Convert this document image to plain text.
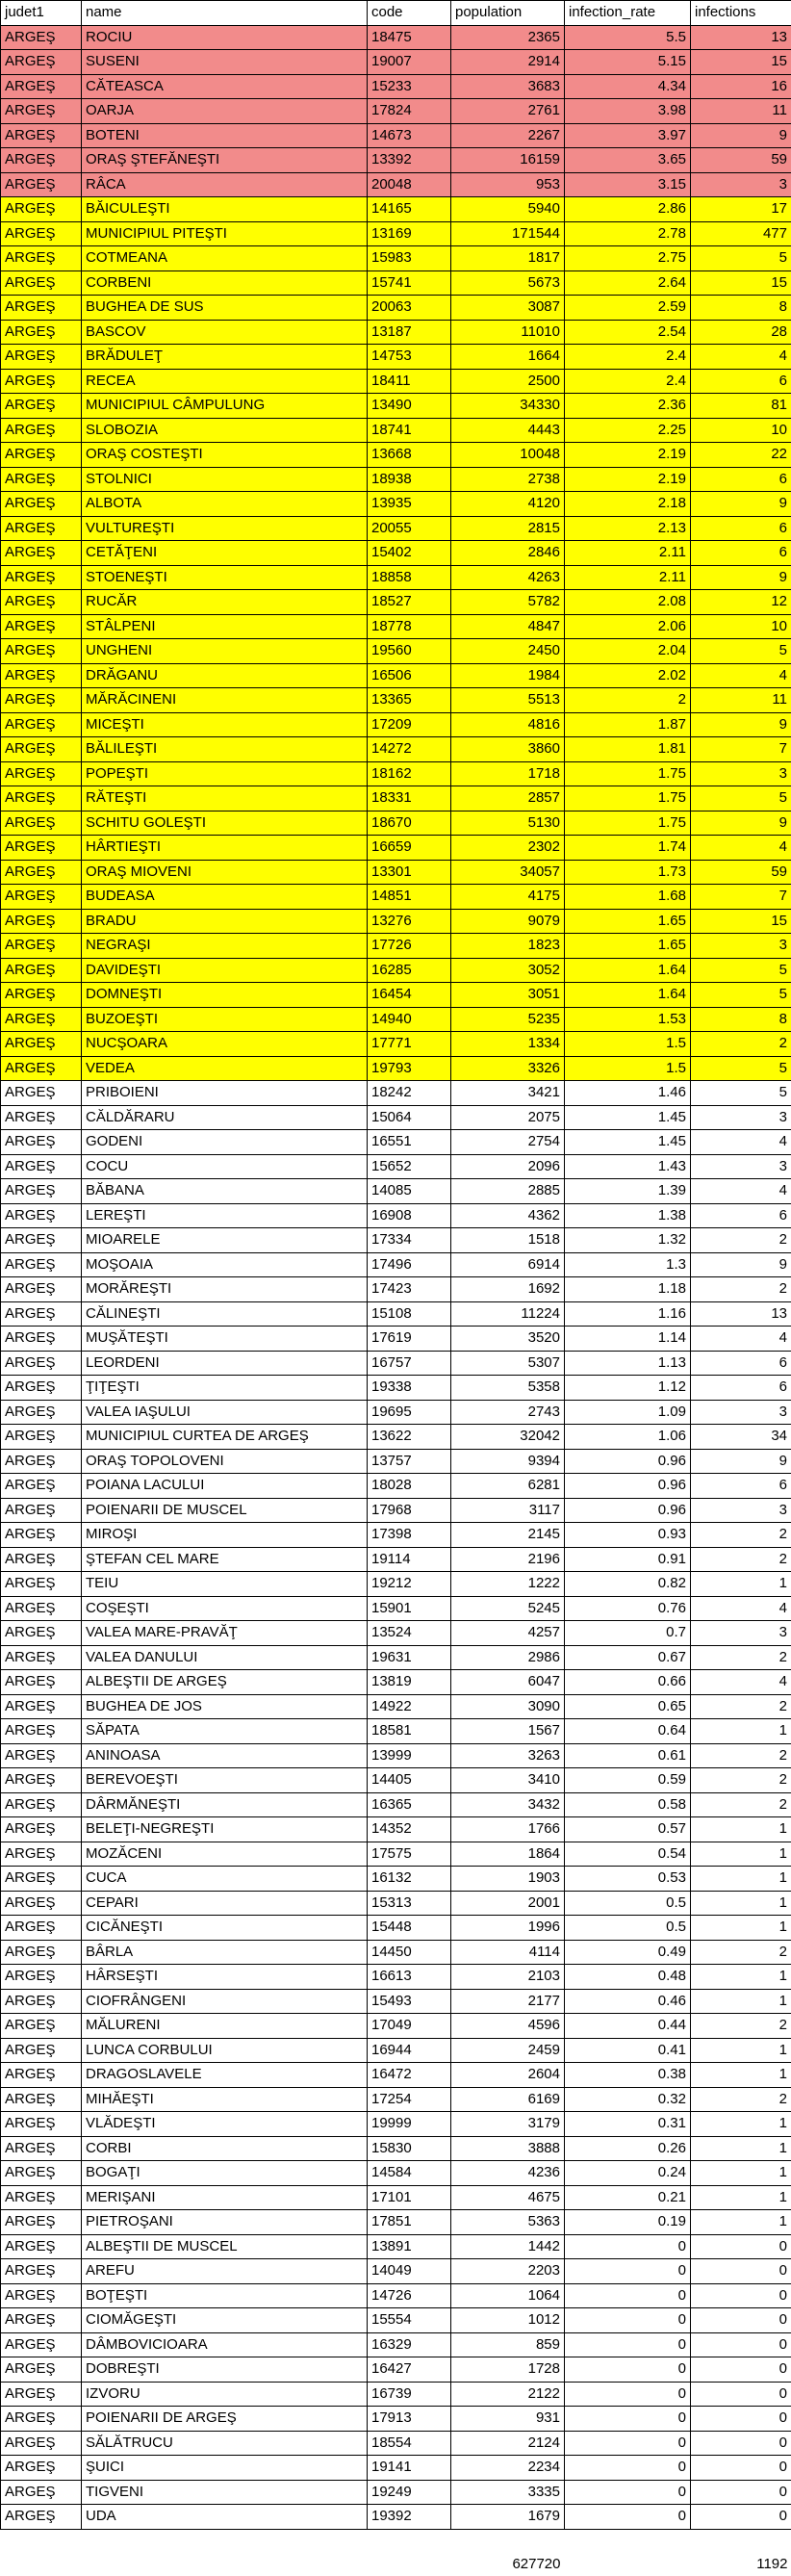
judet1	name	code	population	infection_rate	infections
ARGEŞ	ROCIU	18475	2365	5.5	13
ARGEŞ	SUSENI	19007	2914	5.15	15
ARGEŞ	CĂTEASCA	15233	3683	4.34	16
ARGEŞ	OARJA	17824	2761	3.98	11
ARGEŞ	BOTENI	14673	2267	3.97	9
ARGEŞ	ORAŞ ŞTEFĂNEŞTI	13392	16159	3.65	59
ARGEŞ	RÂCA	20048	953	3.15	3
ARGEŞ	BĂICULEŞTI	14165	5940	2.86	17
ARGEŞ	MUNICIPIUL PITEŞTI	13169	171544	2.78	477
ARGEŞ	COTMEANA	15983	1817	2.75	5
ARGEŞ	CORBENI	15741	5673	2.64	15
ARGEŞ	BUGHEA DE SUS	20063	3087	2.59	8
ARGEŞ	BASCOV	13187	11010	2.54	28
ARGEŞ	BRĂDULEŢ	14753	1664	2.4	4
ARGEŞ	RECEA	18411	2500	2.4	6
ARGEŞ	MUNICIPIUL CÂMPULUNG	13490	34330	2.36	81
ARGEŞ	SLOBOZIA	18741	4443	2.25	10
ARGEŞ	ORAŞ COSTEŞTI	13668	10048	2.19	22
ARGEŞ	STOLNICI	18938	2738	2.19	6
ARGEŞ	ALBOTA	13935	4120	2.18	9
ARGEŞ	VULTUREŞTI	20055	2815	2.13	6
ARGEŞ	CETĂŢENI	15402	2846	2.11	6
ARGEŞ	STOENEŞTI	18858	4263	2.11	9
ARGEŞ	RUCĂR	18527	5782	2.08	12
ARGEŞ	STÂLPENI	18778	4847	2.06	10
ARGEŞ	UNGHENI	19560	2450	2.04	5
ARGEŞ	DRĂGANU	16506	1984	2.02	4
ARGEŞ	MĂRĂCINENI	13365	5513	2	11
ARGEŞ	MICEŞTI	17209	4816	1.87	9
ARGEŞ	BĂLILEŞTI	14272	3860	1.81	7
ARGEŞ	POPEŞTI	18162	1718	1.75	3
ARGEŞ	RĂTEŞTI	18331	2857	1.75	5
ARGEŞ	SCHITU GOLEŞTI	18670	5130	1.75	9
ARGEŞ	HÂRTIEŞTI	16659	2302	1.74	4
ARGEŞ	ORAŞ MIOVENI	13301	34057	1.73	59
ARGEŞ	BUDEASA	14851	4175	1.68	7
ARGEŞ	BRADU	13276	9079	1.65	15
ARGEŞ	NEGRAŞI	17726	1823	1.65	3
ARGEŞ	DAVIDEŞTI	16285	3052	1.64	5
ARGEŞ	DOMNEŞTI	16454	3051	1.64	5
ARGEŞ	BUZOEŞTI	14940	5235	1.53	8
ARGEŞ	NUCŞOARA	17771	1334	1.5	2
ARGEŞ	VEDEA	19793	3326	1.5	5
ARGEŞ	PRIBOIENI	18242	3421	1.46	5
ARGEŞ	CĂLDĂRARU	15064	2075	1.45	3
ARGEŞ	GODENI	16551	2754	1.45	4
ARGEŞ	COCU	15652	2096	1.43	3
ARGEŞ	BĂBANA	14085	2885	1.39	4
ARGEŞ	LEREŞTI	16908	4362	1.38	6
ARGEŞ	MIOARELE	17334	1518	1.32	2
ARGEŞ	MOŞOAIA	17496	6914	1.3	9
ARGEŞ	MORĂREŞTI	17423	1692	1.18	2
ARGEŞ	CĂLINEŞTI	15108	11224	1.16	13
ARGEŞ	MUŞĂTEŞTI	17619	3520	1.14	4
ARGEŞ	LEORDENI	16757	5307	1.13	6
ARGEŞ	ŢIŢEŞTI	19338	5358	1.12	6
ARGEŞ	VALEA IAŞULUI	19695	2743	1.09	3
ARGEŞ	MUNICIPIUL CURTEA DE ARGEŞ	13622	32042	1.06	34
ARGEŞ	ORAŞ TOPOLOVENI	13757	9394	0.96	9
ARGEŞ	POIANA LACULUI	18028	6281	0.96	6
ARGEŞ	POIENARII DE MUSCEL	17968	3117	0.96	3
ARGEŞ	MIROŞI	17398	2145	0.93	2
ARGEŞ	ŞTEFAN CEL MARE	19114	2196	0.91	2
ARGEŞ	TEIU	19212	1222	0.82	1
ARGEŞ	COŞEŞTI	15901	5245	0.76	4
ARGEŞ	VALEA MARE-PRAVĂŢ	13524	4257	0.7	3
ARGEŞ	VALEA DANULUI	19631	2986	0.67	2
ARGEŞ	ALBEŞTII DE ARGEŞ	13819	6047	0.66	4
ARGEŞ	BUGHEA DE JOS	14922	3090	0.65	2
ARGEŞ	SĂPATA	18581	1567	0.64	1
ARGEŞ	ANINOASA	13999	3263	0.61	2
ARGEŞ	BEREVOEŞTI	14405	3410	0.59	2
ARGEŞ	DÂRMĂNEŞTI	16365	3432	0.58	2
ARGEŞ	BELEŢI-NEGREŞTI	14352	1766	0.57	1
ARGEŞ	MOZĂCENI	17575	1864	0.54	1
ARGEŞ	CUCA	16132	1903	0.53	1
ARGEŞ	CEPARI	15313	2001	0.5	1
ARGEŞ	CICĂNEŞTI	15448	1996	0.5	1
ARGEŞ	BÂRLA	14450	4114	0.49	2
ARGEŞ	HÂRSEŞTI	16613	2103	0.48	1
ARGEŞ	CIOFRÂNGENI	15493	2177	0.46	1
ARGEŞ	MĂLURENI	17049	4596	0.44	2
ARGEŞ	LUNCA CORBULUI	16944	2459	0.41	1
ARGEŞ	DRAGOSLAVELE	16472	2604	0.38	1
ARGEŞ	MIHĂEŞTI	17254	6169	0.32	2
ARGEŞ	VLĂDEŞTI	19999	3179	0.31	1
ARGEŞ	CORBI	15830	3888	0.26	1
ARGEŞ	BOGAŢI	14584	4236	0.24	1
ARGEŞ	MERIŞANI	17101	4675	0.21	1
ARGEŞ	PIETROŞANI	17851	5363	0.19	1
ARGEŞ	ALBEŞTII DE MUSCEL	13891	1442	0	0
ARGEŞ	AREFU	14049	2203	0	0
ARGEŞ	BOŢEŞTI	14726	1064	0	0
ARGEŞ	CIOMĂGEŞTI	15554	1012	0	0
ARGEŞ	DÂMBOVICIOARA	16329	859	0	0
ARGEŞ	DOBREŞTI	16427	1728	0	0
ARGEŞ	IZVORU	16739	2122	0	0
ARGEŞ	POIENARII DE ARGEŞ	17913	931	0	0
ARGEŞ	SĂLĂTRUCU	18554	2124	0	0
ARGEŞ	ŞUICI	19141	2234	0	0
ARGEŞ	TIGVENI	19249	3335	0	0
ARGEŞ	UDA	19392	1679	0	0

			627720		1192
